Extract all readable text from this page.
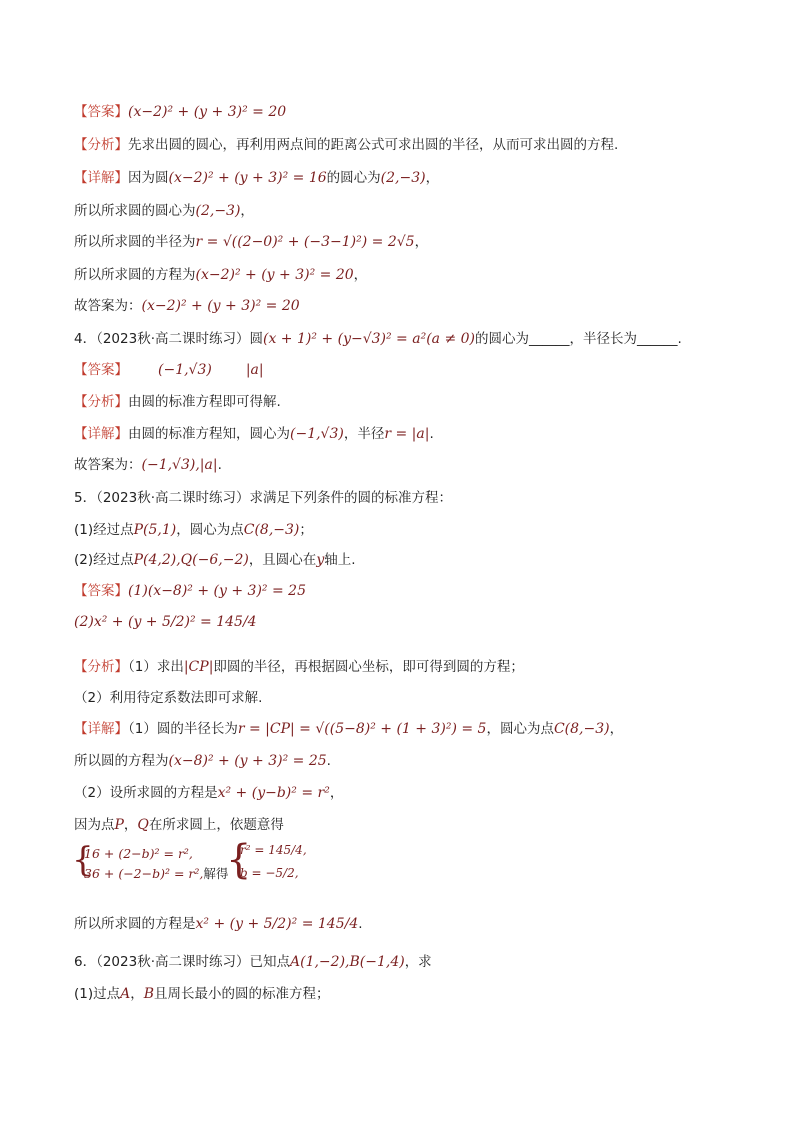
【答案】(x−2)² + (y + 3)² = 20
【分析】先求出圆的圆心，再利用两点间的距离公式可求出圆的半径，从而可求出圆的方程.
【详解】因为圆(x−2)² + (y + 3)² = 16的圆心为(2,−3)，
所以所求圆的圆心为(2,−3)，
所以所求圆的半径为r = √((2−0)² + (−3−1)²) = 2√5，
所以所求圆的方程为(x−2)² + (y + 3)² = 20，
故答案为：(x−2)² + (y + 3)² = 20
4．（2023秋·高二课时练习）圆(x + 1)² + (y−√3)² = a²(a ≠ 0)的圆心为______，半径长为______.
【答案】 (−1,√3) |a|
【分析】由圆的标准方程即可得解.
【详解】由圆的标准方程知，圆心为(−1,√3)，半径r = |a|.
故答案为：(−1,√3),|a|.
5．（2023秋·高二课时练习）求满足下列条件的圆的标准方程：
(1)经过点P(5,1)，圆心为点C(8,−3)；
(2)经过点P(4,2),Q(−6,−2)，且圆心在y轴上.
【答案】(1)(x−8)² + (y + 3)² = 25
(2)x² + (y + 5/2)² = 145/4
【分析】（1）求出|CP|即圆的半径，再根据圆心坐标，即可得到圆的方程；
（2）利用待定系数法即可求解.
【详解】（1）圆的半径长为r = |CP| = √((5−8)² + (1 + 3)²) = 5，圆心为点C(8,−3)，
所以圆的方程为(x−8)² + (y + 3)² = 25.
（2）设所求圆的方程是x² + (y−b)² = r²，
因为点P，Q在所求圆上，依题意得
{
16 + (2−b)² = r²,
36 + (−2−b)² = r²,解得
{
r² = 145/4,
b = −5/2,
所以所求圆的方程是x² + (y + 5/2)² = 145/4.
6．（2023秋·高二课时练习）已知点A(1,−2),B(−1,4)，求
(1)过点A，B且周长最小的圆的标准方程；
